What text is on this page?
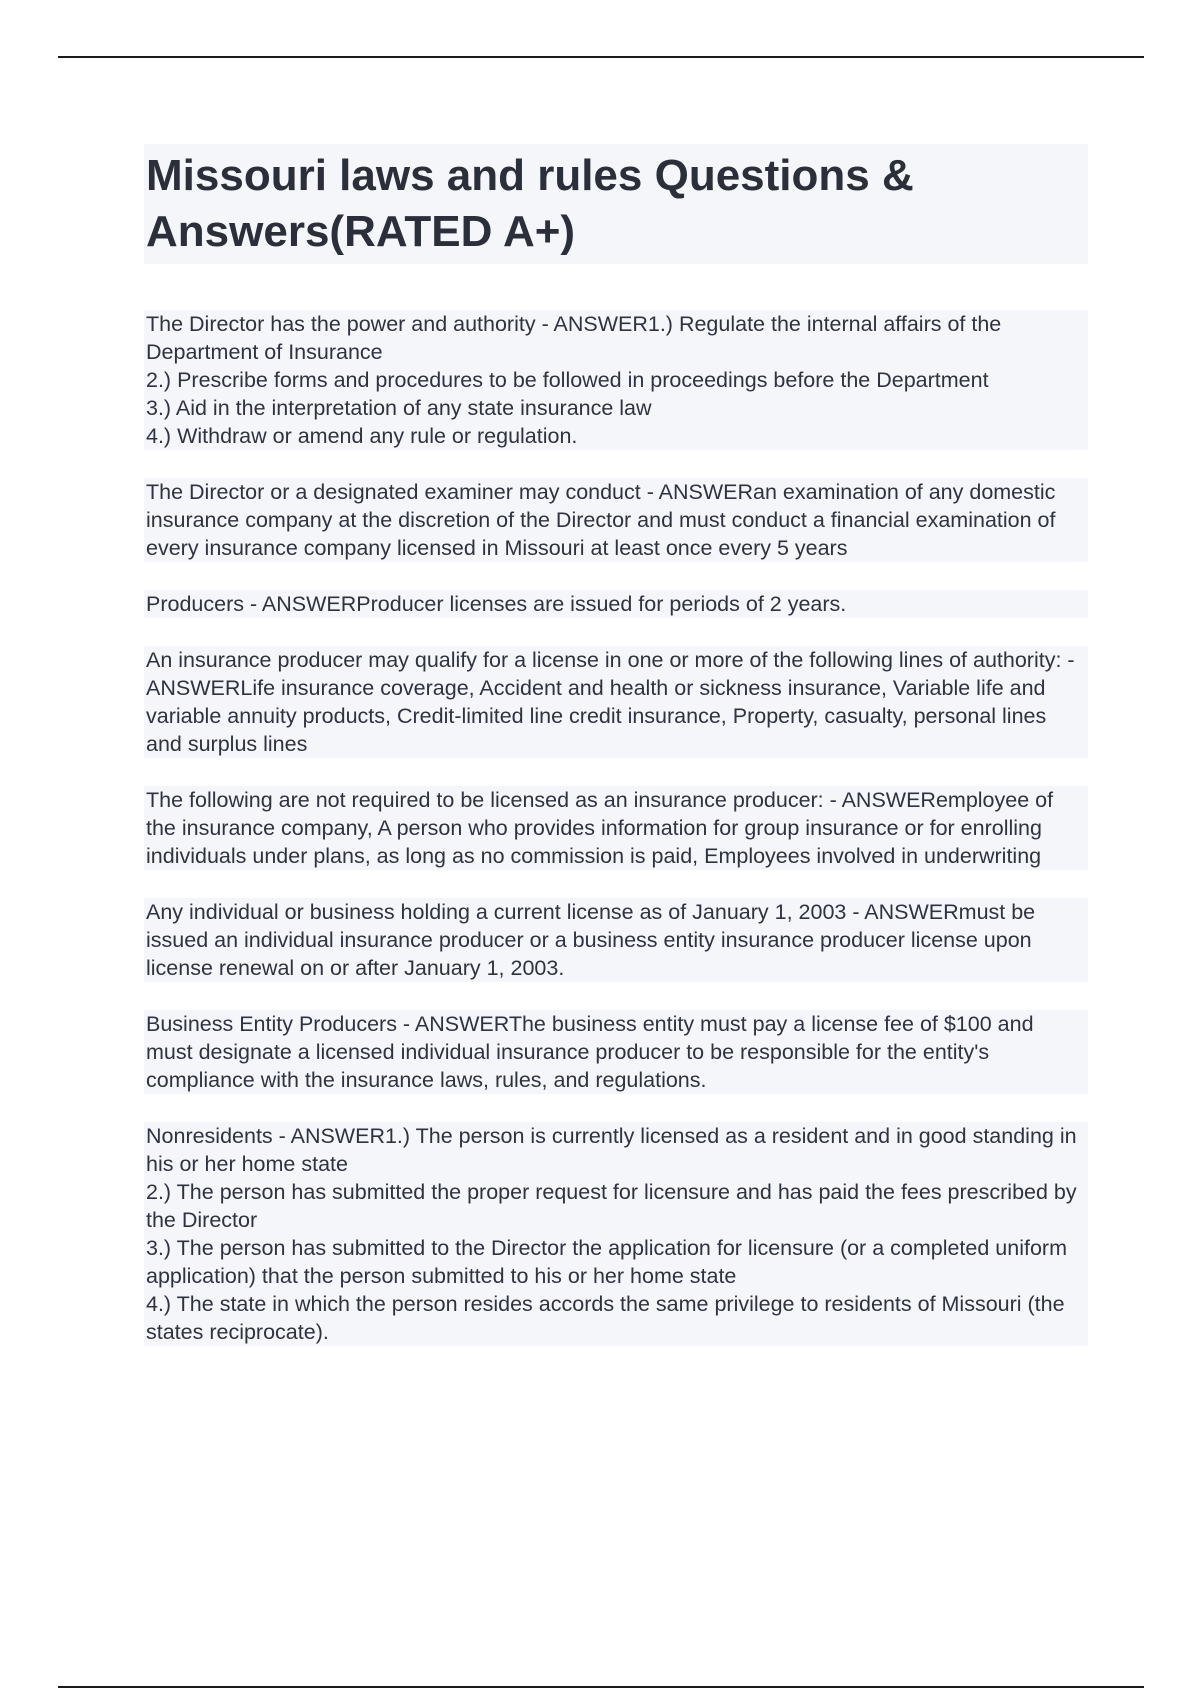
Missouri laws and rules Questions & Answers(RATED A+)
The Director has the power and authority - ANSWER1.) Regulate the internal affairs of the Department of Insurance
2.) Prescribe forms and procedures to be followed in proceedings before the Department
3.) Aid in the interpretation of any state insurance law
4.) Withdraw or amend any rule or regulation.
The Director or a designated examiner may conduct - ANSWERan examination of any domestic insurance company at the discretion of the Director and must conduct a financial examination of every insurance company licensed in Missouri at least once every 5 years
Producers - ANSWERProducer licenses are issued for periods of 2 years.
An insurance producer may qualify for a license in one or more of the following lines of authority: - ANSWERLife insurance coverage, Accident and health or sickness insurance, Variable life and variable annuity products, Credit-limited line credit insurance, Property, casualty, personal lines and surplus lines
The following are not required to be licensed as an insurance producer: - ANSWERemployee of the insurance company, A person who provides information for group insurance or for enrolling individuals under plans, as long as no commission is paid, Employees involved in underwriting
Any individual or business holding a current license as of January 1, 2003 - ANSWERmust be issued an individual insurance producer or a business entity insurance producer license upon license renewal on or after January 1, 2003.
Business Entity Producers - ANSWERThe business entity must pay a license fee of $100 and must designate a licensed individual insurance producer to be responsible for the entity's compliance with the insurance laws, rules, and regulations.
Nonresidents - ANSWER1.) The person is currently licensed as a resident and in good standing in his or her home state
2.) The person has submitted the proper request for licensure and has paid the fees prescribed by the Director
3.) The person has submitted to the Director the application for licensure (or a completed uniform application) that the person submitted to his or her home state
4.) The state in which the person resides accords the same privilege to residents of Missouri (the states reciprocate).
